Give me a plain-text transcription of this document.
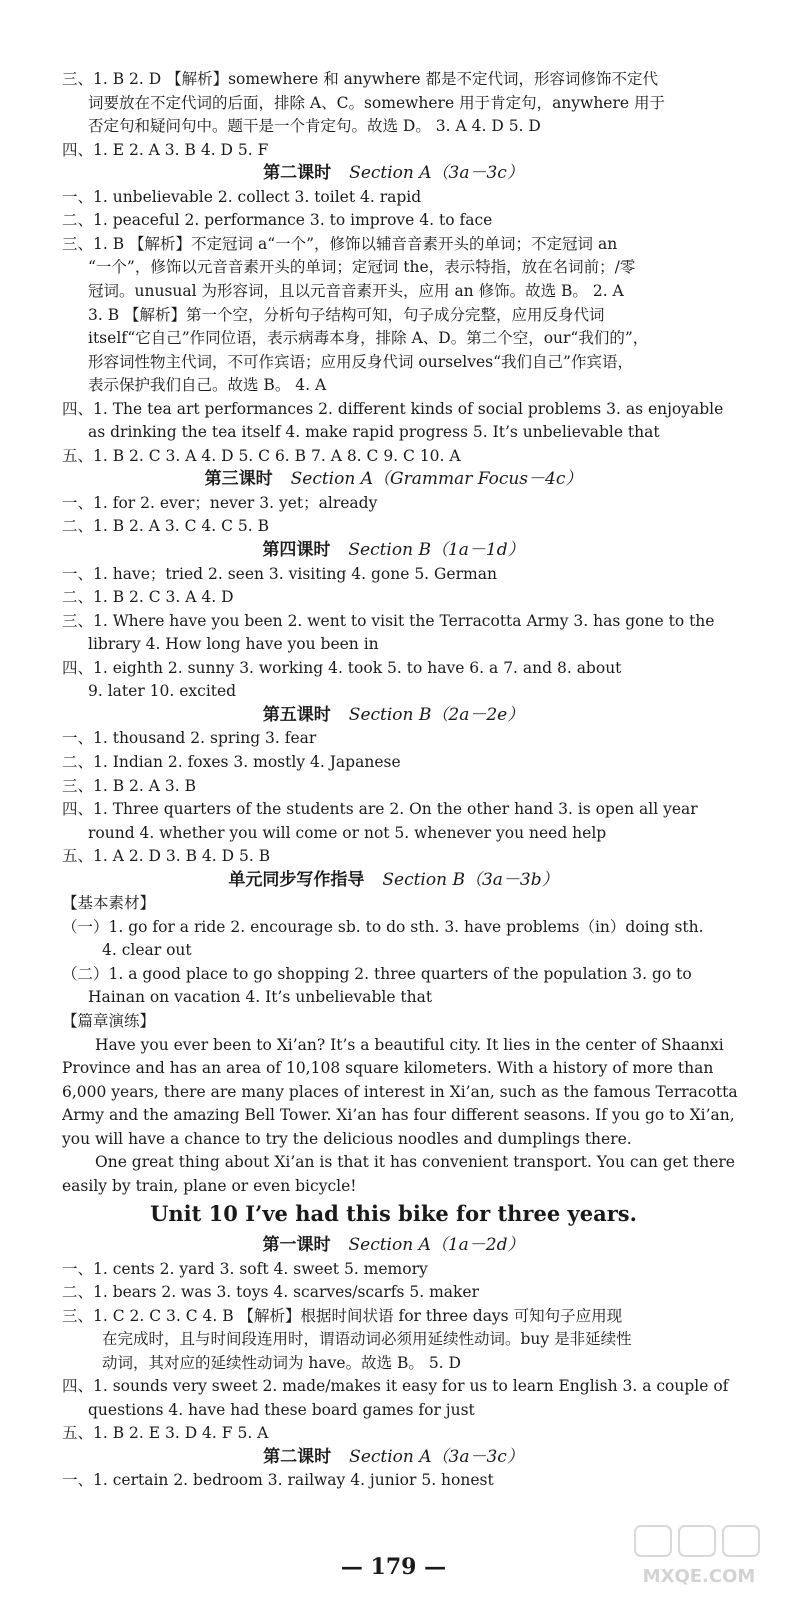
三、1. B 2. D 【解析】somewhere 和 anywhere 都是不定代词，形容词修饰不定代
词要放在不定代词的后面，排除 A、C。somewhere 用于肯定句，anywhere 用于
否定句和疑问句中。题干是一个肯定句。故选 D。 3. A 4. D 5. D
四、1. E 2. A 3. B 4. D 5. F
第二课时 Section A（3a－3c）
一、1. unbelievable 2. collect 3. toilet 4. rapid
二、1. peaceful 2. performance 3. to improve 4. to face
三、1. B 【解析】不定冠词 a“一个”，修饰以辅音音素开头的单词；不定冠词 an
“一个”，修饰以元音音素开头的单词；定冠词 the，表示特指，放在名词前；/零
冠词。unusual 为形容词，且以元音音素开头，应用 an 修饰。故选 B。 2. A
3. B 【解析】第一个空，分析句子结构可知，句子成分完整，应用反身代词
itself“它自己”作同位语，表示病毒本身，排除 A、D。第二个空，our“我们的”，
形容词性物主代词，不可作宾语；应用反身代词 ourselves“我们自己”作宾语，
表示保护我们自己。故选 B。 4. A
四、1. The tea art performances 2. different kinds of social problems 3. as enjoyable
as drinking the tea itself 4. make rapid progress 5. It’s unbelievable that
五、1. B 2. C 3. A 4. D 5. C 6. B 7. A 8. C 9. C 10. A
第三课时 Section A（Grammar Focus－4c）
一、1. for 2. ever；never 3. yet；already
二、1. B 2. A 3. C 4. C 5. B
第四课时 Section B（1a－1d）
一、1. have；tried 2. seen 3. visiting 4. gone 5. German
二、1. B 2. C 3. A 4. D
三、1. Where have you been 2. went to visit the Terracotta Army 3. has gone to the
library 4. How long have you been in
四、1. eighth 2. sunny 3. working 4. took 5. to have 6. a 7. and 8. about
9. later 10. excited
第五课时 Section B（2a－2e）
一、1. thousand 2. spring 3. fear
二、1. Indian 2. foxes 3. mostly 4. Japanese
三、1. B 2. A 3. B
四、1. Three quarters of the students are 2. On the other hand 3. is open all year
round 4. whether you will come or not 5. whenever you need help
五、1. A 2. D 3. B 4. D 5. B
单元同步写作指导 Section B（3a－3b）
【基本素材】
（一）1. go for a ride 2. encourage sb. to do sth. 3. have problems（in）doing sth.
4. clear out
（二）1. a good place to go shopping 2. three quarters of the population 3. go to
Hainan on vacation 4. It’s unbelievable that
【篇章演练】
Have you ever been to Xi’an? It’s a beautiful city. It lies in the center of Shaanxi
Province and has an area of 10,108 square kilometers. With a history of more than
6,000 years, there are many places of interest in Xi’an, such as the famous Terracotta
Army and the amazing Bell Tower. Xi’an has four different seasons. If you go to Xi’an,
you will have a chance to try the delicious noodles and dumplings there.
One great thing about Xi’an is that it has convenient transport. You can get there
easily by train, plane or even bicycle!
Unit 10 I’ve had this bike for three years.
第一课时 Section A（1a－2d）
一、1. cents 2. yard 3. soft 4. sweet 5. memory
二、1. bears 2. was 3. toys 4. scarves/scarfs 5. maker
三、1. C 2. C 3. C 4. B 【解析】根据时间状语 for three days 可知句子应用现
在完成时，且与时间段连用时，谓语动词必须用延续性动词。buy 是非延续性
动词，其对应的延续性动词为 have。故选 B。 5. D
四、1. sounds very sweet 2. made/makes it easy for us to learn English 3. a couple of
questions 4. have had these board games for just
五、1. B 2. E 3. D 4. F 5. A
第二课时 Section A（3a－3c）
一、1. certain 2. bedroom 3. railway 4. junior 5. honest
— 179 —	MXQE.COM
